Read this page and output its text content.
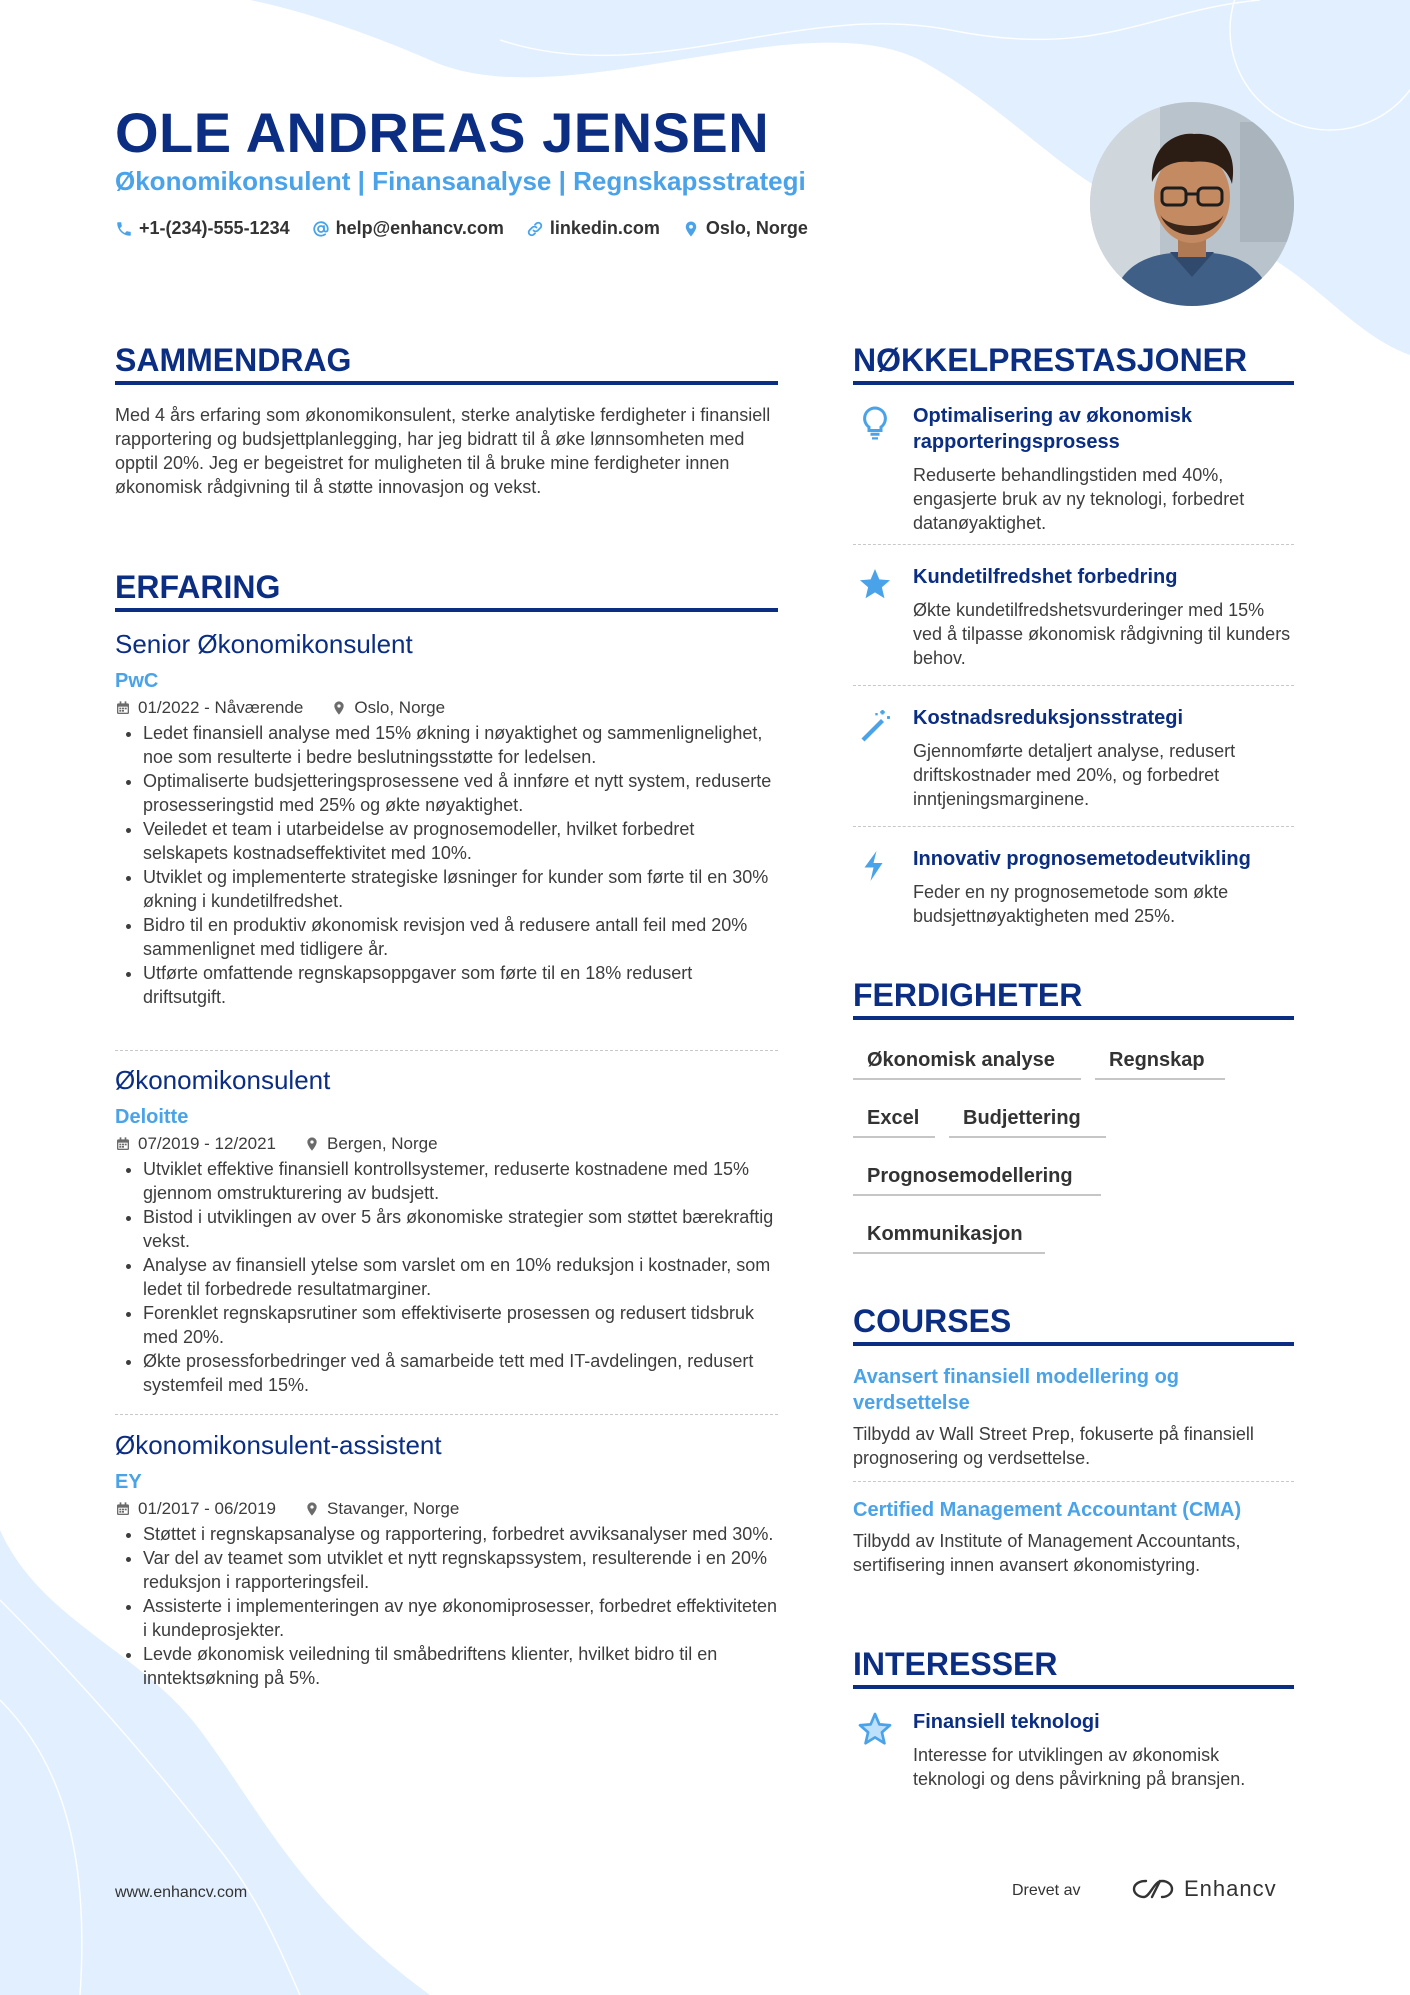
OLE ANDREAS JENSEN
Økonomikonsulent | Finansanalyse | Regnskapsstrategi
+1-(234)-555-1234	help@enhancv.com	linkedin.com	Oslo, Norge
SAMMENDRAG
Med 4 års erfaring som økonomikonsulent, sterke analytiske ferdigheter i finansiell rapportering og budsjettplanlegging, har jeg bidratt til å øke lønnsomheten med opptil 20%. Jeg er begeistret for muligheten til å bruke mine ferdigheter innen økonomisk rådgivning til å støtte innovasjon og vekst.
ERFARING
Senior Økonomikonsulent
PwC
01/2022 - Nåværende	Oslo, Norge
• Ledet finansiell analyse med 15% økning i nøyaktighet og sammenlignelighet, noe som resulterte i bedre beslutningsstøtte for ledelsen.
• Optimaliserte budsjetteringsprosessene ved å innføre et nytt system, reduserte prosesseringstid med 25% og økte nøyaktighet.
• Veiledet et team i utarbeidelse av prognosemodeller, hvilket forbedret selskapets kostnadseffektivitet med 10%.
• Utviklet og implementerte strategiske løsninger for kunder som førte til en 30% økning i kundetilfredshet.
• Bidro til en produktiv økonomisk revisjon ved å redusere antall feil med 20% sammenlignet med tidligere år.
• Utførte omfattende regnskapsoppgaver som førte til en 18% redusert driftsutgift.
Økonomikonsulent
Deloitte
07/2019 - 12/2021	Bergen, Norge
• Utviklet effektive finansiell kontrollsystemer, reduserte kostnadene med 15% gjennom omstrukturering av budsjett.
• Bistod i utviklingen av over 5 års økonomiske strategier som støttet bærekraftig vekst.
• Analyse av finansiell ytelse som varslet om en 10% reduksjon i kostnader, som ledet til forbedrede resultatmarginer.
• Forenklet regnskapsrutiner som effektiviserte prosessen og redusert tidsbruk med 20%.
• Økte prosessforbedringer ved å samarbeide tett med IT-avdelingen, redusert systemfeil med 15%.
Økonomikonsulent-assistent
EY
01/2017 - 06/2019	Stavanger, Norge
• Støttet i regnskapsanalyse og rapportering, forbedret avviksanalyser med 30%.
• Var del av teamet som utviklet et nytt regnskapssystem, resulterende i en 20% reduksjon i rapporteringsfeil.
• Assisterte i implementeringen av nye økonomiprosesser, forbedret effektiviteten i kundeprosjekter.
• Levde økonomisk veiledning til småbedriftens klienter, hvilket bidro til en inntektsøkning på 5%.
NØKKELPRESTASJONER
Optimalisering av økonomisk rapporteringsprosess
Reduserte behandlingstiden med 40%, engasjerte bruk av ny teknologi, forbedret datanøyaktighet.
Kundetilfredshet forbedring
Økte kundetilfredshetsvurderinger med 15% ved å tilpasse økonomisk rådgivning til kunders behov.
Kostnadsreduksjonsstrategi
Gjennomførte detaljert analyse, redusert driftskostnader med 20%, og forbedret inntjeningsmarginene.
Innovativ prognosemetodeutvikling
Feder en ny prognosemetode som økte budsjettnøyaktigheten med 25%.
FERDIGHETER
Økonomisk analyse	Regnskap
Excel	Budjettering
Prognosemodellering
Kommunikasjon
COURSES
Avansert finansiell modellering og verdsettelse
Tilbydd av Wall Street Prep, fokuserte på finansiell prognosering og verdsettelse.
Certified Management Accountant (CMA)
Tilbydd av Institute of Management Accountants, sertifisering innen avansert økonomistyring.
INTERESSER
Finansiell teknologi
Interesse for utviklingen av økonomisk teknologi og dens påvirkning på bransjen.
www.enhancv.com	Drevet av	Enhancv
